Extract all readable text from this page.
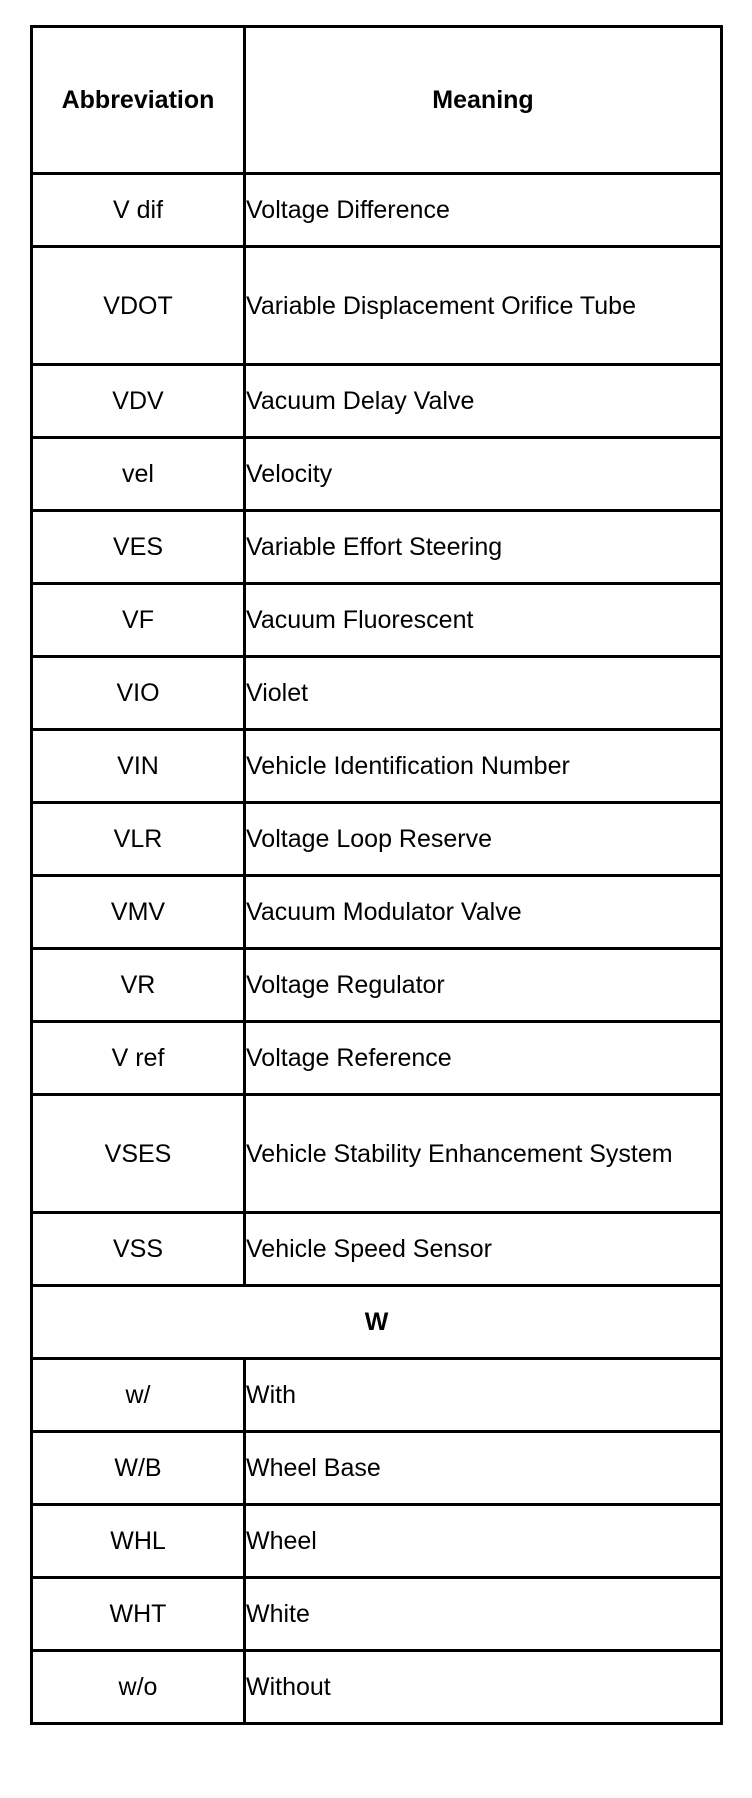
Abbreviation	Meaning
V dif	Voltage Difference
VDOT	Variable Displacement Orifice Tube
VDV	Vacuum Delay Valve
vel	Velocity
VES	Variable Effort Steering
VF	Vacuum Fluorescent
VIO	Violet
VIN	Vehicle Identification Number
VLR	Voltage Loop Reserve
VMV	Vacuum Modulator Valve
VR	Voltage Regulator
V ref	Voltage Reference
VSES	Vehicle Stability Enhancement System
VSS	Vehicle Speed Sensor
W	
w/	With
W/B	Wheel Base
WHL	Wheel
WHT	White
w/o	Without
